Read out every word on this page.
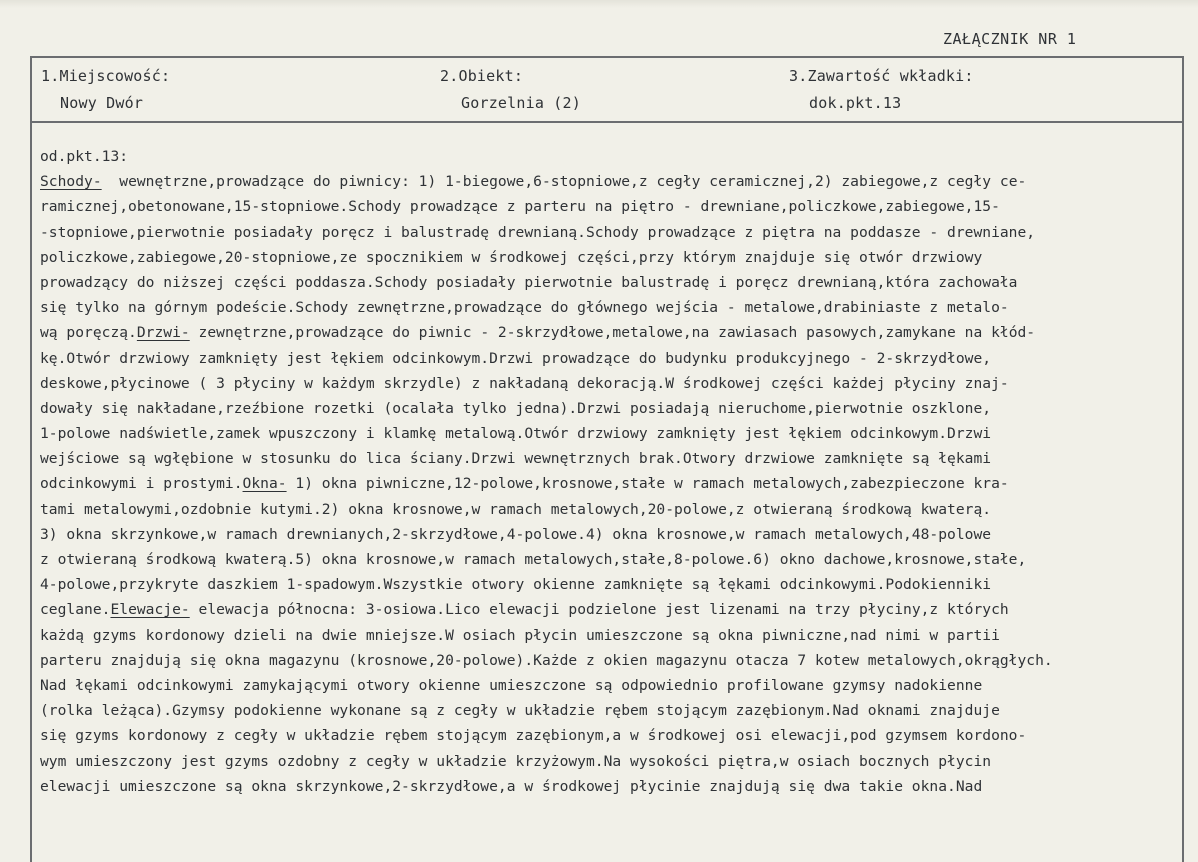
ZAŁĄCZNIK NR 1
1.Miejscowość:
Nowy Dwór
2.Obiekt:
Gorzelnia (2)
3.Zawartość wkładki:
dok.pkt.13
od.pkt.13:
Schody-  wewnętrzne,prowadzące do piwnicy: 1) 1-biegowe,6-stopniowe,z cegły ceramicznej,2) zabiegowe,z cegły ce-
ramicznej,obetonowane,15-stopniowe.Schody prowadzące z parteru na piętro - drewniane,policzkowe,zabiegowe,15-
-stopniowe,pierwotnie posiadały poręcz i balustradę drewnianą.Schody prowadzące z piętra na poddasze - drewniane,
policzkowe,zabiegowe,20-stopniowe,ze spocznikiem w środkowej części,przy którym znajduje się otwór drzwiowy
prowadzący do niższej części poddasza.Schody posiadały pierwotnie balustradę i poręcz drewnianą,która zachowała
się tylko na górnym podeście.Schody zewnętrzne,prowadzące do głównego wejścia - metalowe,drabiniaste z metalo-
wą poręczą.Drzwi- zewnętrzne,prowadzące do piwnic - 2-skrzydłowe,metalowe,na zawiasach pasowych,zamykane na kłód-
kę.Otwór drzwiowy zamknięty jest łękiem odcinkowym.Drzwi prowadzące do budynku produkcyjnego - 2-skrzydłowe,
deskowe,płycinowe ( 3 płyciny w każdym skrzydle) z nakładaną dekoracją.W środkowej części każdej płyciny znaj-
dowały się nakładane,rzeźbione rozetki (ocalała tylko jedna).Drzwi posiadają nieruchome,pierwotnie oszklone,
1-polowe nadświetle,zamek wpuszczony i klamkę metalową.Otwór drzwiowy zamknięty jest łękiem odcinkowym.Drzwi
wejściowe są wgłębione w stosunku do lica ściany.Drzwi wewnętrznych brak.Otwory drzwiowe zamknięte są łękami
odcinkowymi i prostymi.Okna- 1) okna piwniczne,12-polowe,krosnowe,stałe w ramach metalowych,zabezpieczone kra-
tami metalowymi,ozdobnie kutymi.2) okna krosnowe,w ramach metalowych,20-polowe,z otwieraną środkową kwaterą.
3) okna skrzynkowe,w ramach drewnianych,2-skrzydłowe,4-polowe.4) okna krosnowe,w ramach metalowych,48-polowe
z otwieraną środkową kwaterą.5) okna krosnowe,w ramach metalowych,stałe,8-polowe.6) okno dachowe,krosnowe,stałe,
4-polowe,przykryte daszkiem 1-spadowym.Wszystkie otwory okienne zamknięte są łękami odcinkowymi.Podokienniki
ceglane.Elewacje- elewacja północna: 3-osiowa.Lico elewacji podzielone jest lizenami na trzy płyciny,z których
każdą gzyms kordonowy dzieli na dwie mniejsze.W osiach płycin umieszczone są okna piwniczne,nad nimi w partii
parteru znajdują się okna magazynu (krosnowe,20-polowe).Każde z okien magazynu otacza 7 kotew metalowych,okrągłych.
Nad łękami odcinkowymi zamykającymi otwory okienne umieszczone są odpowiednio profilowane gzymsy nadokienne
(rolka leżąca).Gzymsy podokienne wykonane są z cegły w układzie rębem stojącym zazębionym.Nad oknami znajduje
się gzyms kordonowy z cegły w układzie rębem stojącym zazębionym,a w środkowej osi elewacji,pod gzymsem kordono-
wym umieszczony jest gzyms ozdobny z cegły w układzie krzyżowym.Na wysokości piętra,w osiach bocznych płycin
elewacji umieszczone są okna skrzynkowe,2-skrzydłowe,a w środkowej płycinie znajdują się dwa takie okna.Nad
